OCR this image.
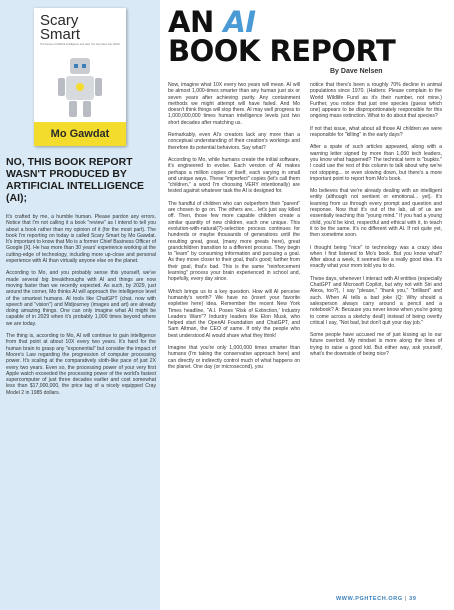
Scary
Smart
The Future of Artificial Intelligence and How You Can Save Our World
Mo Gawdat
NO, THIS BOOK REPORT WASN'T PRODUCED BY ARTIFICIAL INTELLIGENCE (AI);

It's crafted by me, a humble human. Please pardon any errors. Notice that I'm not calling it a book "review" as I intend to tell you about a book rather than my opinion of it (for the most part). The book I'm reporting on today is called Scary Smart by Mo Gawdat. It's important to know that Mo is a former Chief Business Officer of Google [X]. He has more than 30 years' experience working at the cutting-edge of technology, including more up-close and personal experience with AI than virtually anyone else on the planet.

According to Mo, and you probably sense this yourself, we've made several big breakthroughs with AI and things are now moving faster than we recently expected. As such, by 2029, just around the corner, Mo thinks AI will approach the intelligence level of the smartest humans. AI tools like ChatGPT (chat, now with speech and "vision") and Midjourney (images and art) are already doing amazing things. One can only imagine what AI might be capable of in 2029 when it's probably 1,000 times beyond where we are today.

The thing is, according to Mo, AI will continue to gain intelligence from that point at about 10X every two years. It's hard for the human brain to grasp any "exponential" but consider the impact of Moore's Law regarding the progression of computer processing power. It's scaling at the comparatively sloth-like pace of just 2X every two years. Even so, the processing power of your very first Apple watch exceeded the processing power of the world's fastest supercomputer of just three decades earlier and cost somewhat less than $17,000,000, the price tag of a nicely equipped Cray Model 2 in 1985 dollars.

AN AI
BOOK REPORT
By Dave Nelsen

Now, imagine what 10X every two years will mean. AI will be almost 1,000-times smarter than any human just six or seven years after achieving parity. Any containment methods we might attempt will have failed. And Mo doesn't think things will stop there. AI may well progress to 1,000,000,000 times human intelligence levels just two short decades after matching us.

Remarkably, even AI's creators lack any more than a conceptual understanding of their creation's workings and therefore its potential behaviors. Say what?

According to Mo, while humans create the initial software, it's engineered to evolve. Each version of AI makes perhaps a million copies of itself, each varying in small and unique ways. These "imperfect" copies (let's call them "children," a word I'm choosing VERY intentionally) are tested against whatever task the AI is designed for.

The handful of children who can outperform their "parent" are chosen to go on. The others are... let's just say killed off. Then, those few more capable children create a similar quantity of new children, each one unique. This evolution-with-natural(?)-selection process continues for hundreds or maybe thousands of generations until the resulting great, great, (many more greats here), great grandchildren transition to a different process. They begin to "learn" by consuming information and pursuing a goal. As they move closer to their goal, that's good; farther from their goal, that's bad. This is the same "reinforcement learning" process your brain experienced in school and, hopefully, every day since.

Which brings us to a key question. How will AI perceive humanity's worth? We have no (insert your favorite expletive here) idea. Remember the recent New York Times headline, "A.I. Poses 'Risk of Extinction,' Industry Leaders Warn"? Industry leaders like Elon Musk, who helped start the OpenAI Foundation and ChatGPT, and Sam Altman, the CEO of same. If only the people who best understood AI would share what they think!

Imagine that you're only 1,000,000 times smarter than humans (I'm taking the conservative approach here) and can directly or indirectly control much of what happens on the planet. One day (or microsecond), you

notice that there's been a roughly 70% decline in animal populations since 1970. (Hatters: Please complain to the World Wildlife Fund as it's their number, not mine.) Further, you notice that just one species (guess which one) appears to be disproportionately responsible for this ongoing mass extinction. What to do about that species?

If not that issue, what about all those AI children we were responsible for "killing" in the early days?

After a spate of such articles appeared, along with a warning letter signed by more than 1,000 tech leaders, you know what happened? The technical term is "bupkis." I could use the rest of this column to talk about why we're not stopping... or even slowing down, but there's a more important point to report from Mo's book.

Mo believes that we're already dealing with an intelligent entity (although not sentient or emotional... yet). It's learning from us through every prompt and question and response. Now that it's out of the lab, all of us are essentially teaching this "young mind." If you had a young child, you'd be kind, respectful and ethical with it, to teach it to be the same. It's no different with AI. If not quite yet, then sometime soon.

I thought being "nice" to technology was a crazy idea when I first listened to Mo's book. But you know what? After about a week, it seemed like a really good idea. It's exactly what your mom told you to do.

These days, whenever I interact with AI entities (especially ChatGPT and Microsoft Copilot, but why not with Siri and Alexa, too?), I say "please," "thank you," "brilliant" and such. When AI tells a bad joke (Q: Why should a salesperson always carry around a pencil and a notebook? A: Because you never know when you're going to come across a sketchy deal!) instead of being overtly critical I say, "Not bad, but don't quit your day job."

Some people have accused me of just kissing up to our future overlord. My mindset is more along the lines of trying to raise a good kid. But either way, ask yourself, what's the downside of being nice?

WWW.PGHTECH.ORG | 39
